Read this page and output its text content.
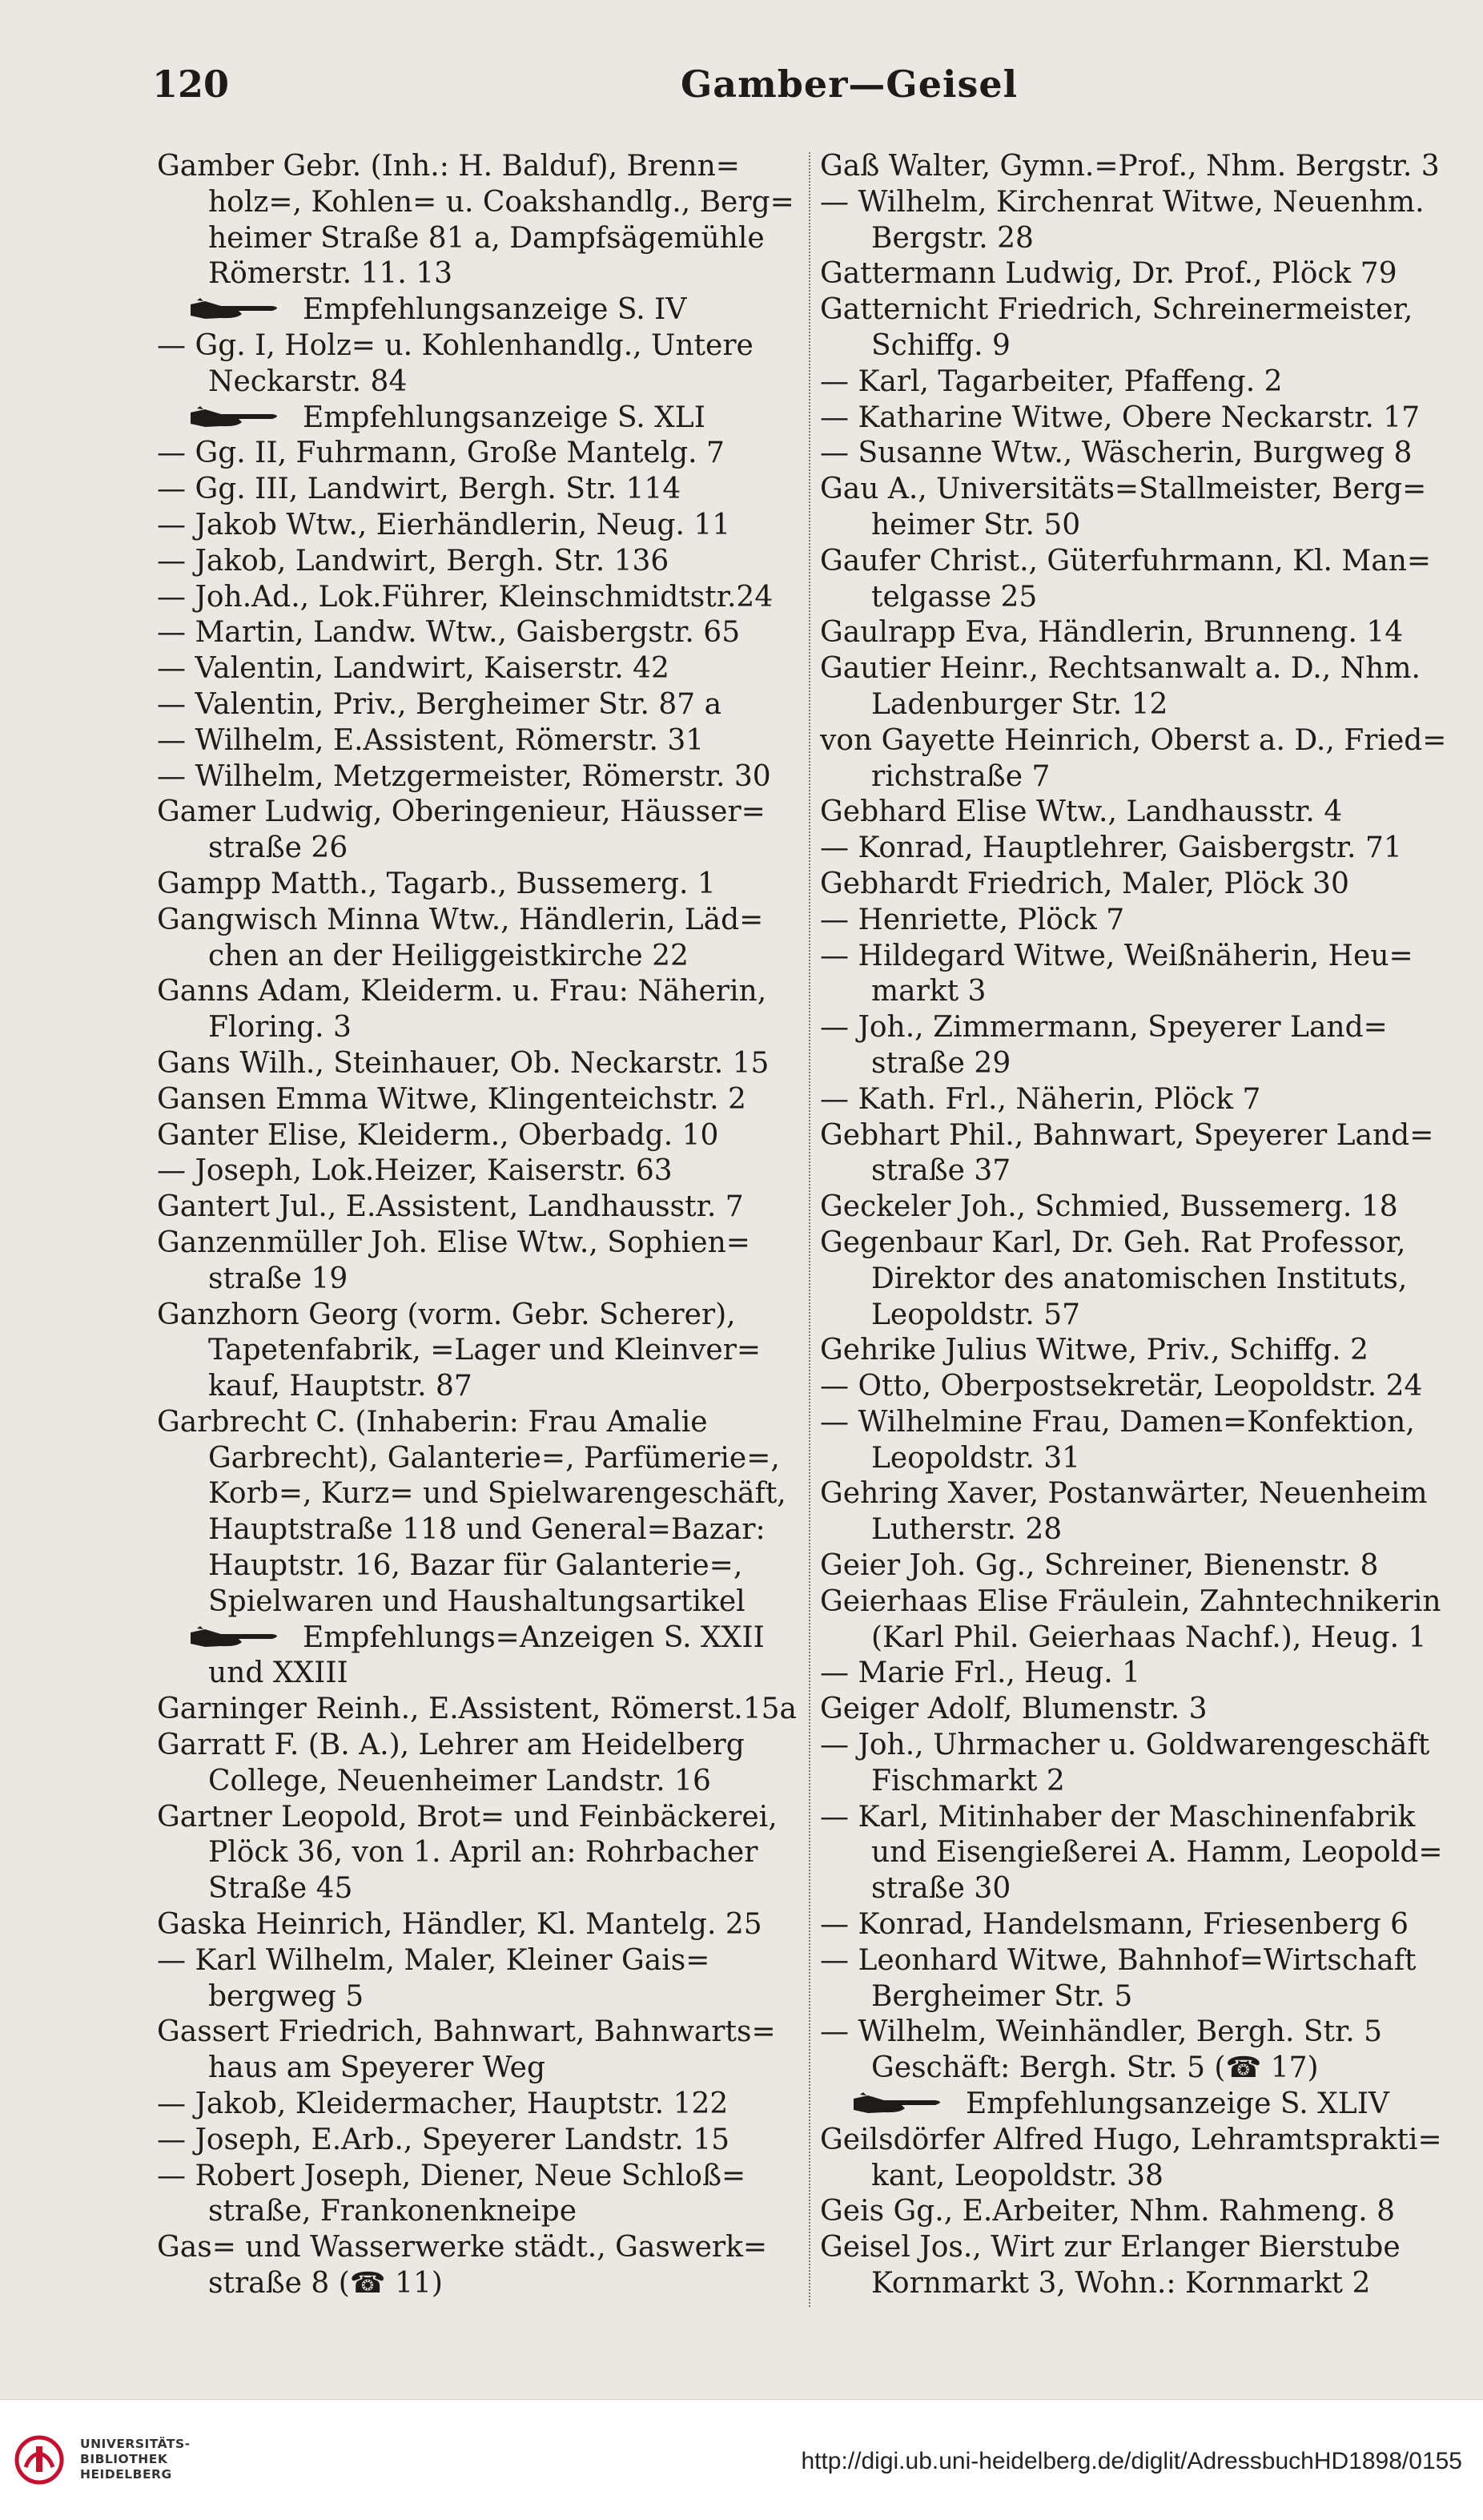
120	Gamber—Geisel
Gamber Gebr. (Inh.: H. Balduf), Brenn=
holz=, Kohlen= u. Coakshandlg., Berg=
heimer Straße 81 a, Dampfsägemühle
Römerstr. 11. 13
Empfehlungsanzeige S. IV
— Gg. I, Holz= u. Kohlenhandlg., Untere
Neckarstr. 84
Empfehlungsanzeige S. XLI
— Gg. II, Fuhrmann, Große Mantelg. 7
— Gg. III, Landwirt, Bergh. Str. 114
— Jakob Wtw., Eierhändlerin, Neug. 11
— Jakob, Landwirt, Bergh. Str. 136
— Joh.Ad., Lok.Führer, Kleinschmidtstr.24
— Martin, Landw. Wtw., Gaisbergstr. 65
— Valentin, Landwirt, Kaiserstr. 42
— Valentin, Priv., Bergheimer Str. 87 a
— Wilhelm, E.Assistent, Römerstr. 31
— Wilhelm, Metzgermeister, Römerstr. 30
Gamer Ludwig, Oberingenieur, Häusser=
straße 26
Gampp Matth., Tagarb., Bussemerg. 1
Gangwisch Minna Wtw., Händlerin, Läd=
chen an der Heiliggeistkirche 22
Ganns Adam, Kleiderm. u. Frau: Näherin,
Floring. 3
Gans Wilh., Steinhauer, Ob. Neckarstr. 15
Gansen Emma Witwe, Klingenteichstr. 2
Ganter Elise, Kleiderm., Oberbadg. 10
— Joseph, Lok.Heizer, Kaiserstr. 63
Gantert Jul., E.Assistent, Landhausstr. 7
Ganzenmüller Joh. Elise Wtw., Sophien=
straße 19
Ganzhorn Georg (vorm. Gebr. Scherer),
Tapetenfabrik, =Lager und Kleinver=
kauf, Hauptstr. 87
Garbrecht C. (Inhaberin: Frau Amalie
Garbrecht), Galanterie=, Parfümerie=,
Korb=, Kurz= und Spielwarengeschäft,
Hauptstraße 118 und General=Bazar:
Hauptstr. 16, Bazar für Galanterie=,
Spielwaren und Haushaltungsartikel
Empfehlungs=Anzeigen S. XXII
und XXIII
Garninger Reinh., E.Assistent, Römerst.15a
Garratt F. (B. A.), Lehrer am Heidelberg
College, Neuenheimer Landstr. 16
Gartner Leopold, Brot= und Feinbäckerei,
Plöck 36, von 1. April an: Rohrbacher
Straße 45
Gaska Heinrich, Händler, Kl. Mantelg. 25
— Karl Wilhelm, Maler, Kleiner Gais=
bergweg 5
Gassert Friedrich, Bahnwart, Bahnwarts=
haus am Speyerer Weg
— Jakob, Kleidermacher, Hauptstr. 122
— Joseph, E.Arb., Speyerer Landstr. 15
— Robert Joseph, Diener, Neue Schloß=
straße, Frankonenkneipe
Gas= und Wasserwerke städt., Gaswerk=
straße 8 (☎ 11)
Gaß Walter, Gymn.=Prof., Nhm. Bergstr. 3
— Wilhelm, Kirchenrat Witwe, Neuenhm.
Bergstr. 28
Gattermann Ludwig, Dr. Prof., Plöck 79
Gatternicht Friedrich, Schreinermeister,
Schiffg. 9
— Karl, Tagarbeiter, Pfaffeng. 2
— Katharine Witwe, Obere Neckarstr. 17
— Susanne Wtw., Wäscherin, Burgweg 8
Gau A., Universitäts=Stallmeister, Berg=
heimer Str. 50
Gaufer Christ., Güterfuhrmann, Kl. Man=
telgasse 25
Gaulrapp Eva, Händlerin, Brunneng. 14
Gautier Heinr., Rechtsanwalt a. D., Nhm.
Ladenburger Str. 12
von Gayette Heinrich, Oberst a. D., Fried=
richstraße 7
Gebhard Elise Wtw., Landhausstr. 4
— Konrad, Hauptlehrer, Gaisbergstr. 71
Gebhardt Friedrich, Maler, Plöck 30
— Henriette, Plöck 7
— Hildegard Witwe, Weißnäherin, Heu=
markt 3
— Joh., Zimmermann, Speyerer Land=
straße 29
— Kath. Frl., Näherin, Plöck 7
Gebhart Phil., Bahnwart, Speyerer Land=
straße 37
Geckeler Joh., Schmied, Bussemerg. 18
Gegenbaur Karl, Dr. Geh. Rat Professor,
Direktor des anatomischen Instituts,
Leopoldstr. 57
Gehrike Julius Witwe, Priv., Schiffg. 2
— Otto, Oberpostsekretär, Leopoldstr. 24
— Wilhelmine Frau, Damen=Konfektion,
Leopoldstr. 31
Gehring Xaver, Postanwärter, Neuenheim
Lutherstr. 28
Geier Joh. Gg., Schreiner, Bienenstr. 8
Geierhaas Elise Fräulein, Zahntechnikerin
(Karl Phil. Geierhaas Nachf.), Heug. 1
— Marie Frl., Heug. 1
Geiger Adolf, Blumenstr. 3
— Joh., Uhrmacher u. Goldwarengeschäft
Fischmarkt 2
— Karl, Mitinhaber der Maschinenfabrik
und Eisengießerei A. Hamm, Leopold=
straße 30
— Konrad, Handelsmann, Friesenberg 6
— Leonhard Witwe, Bahnhof=Wirtschaft
Bergheimer Str. 5
— Wilhelm, Weinhändler, Bergh. Str. 5
Geschäft: Bergh. Str. 5 (☎ 17)
Empfehlungsanzeige S. XLIV
Geilsdörfer Alfred Hugo, Lehramtsprakti=
kant, Leopoldstr. 38
Geis Gg., E.Arbeiter, Nhm. Rahmeng. 8
Geisel Jos., Wirt zur Erlanger Bierstube
Kornmarkt 3, Wohn.: Kornmarkt 2
UNIVERSITÄTS-
BIBLIOTHEK
HEIDELBERG	http://digi.ub.uni-heidelberg.de/diglit/AdressbuchHD1898/0155
